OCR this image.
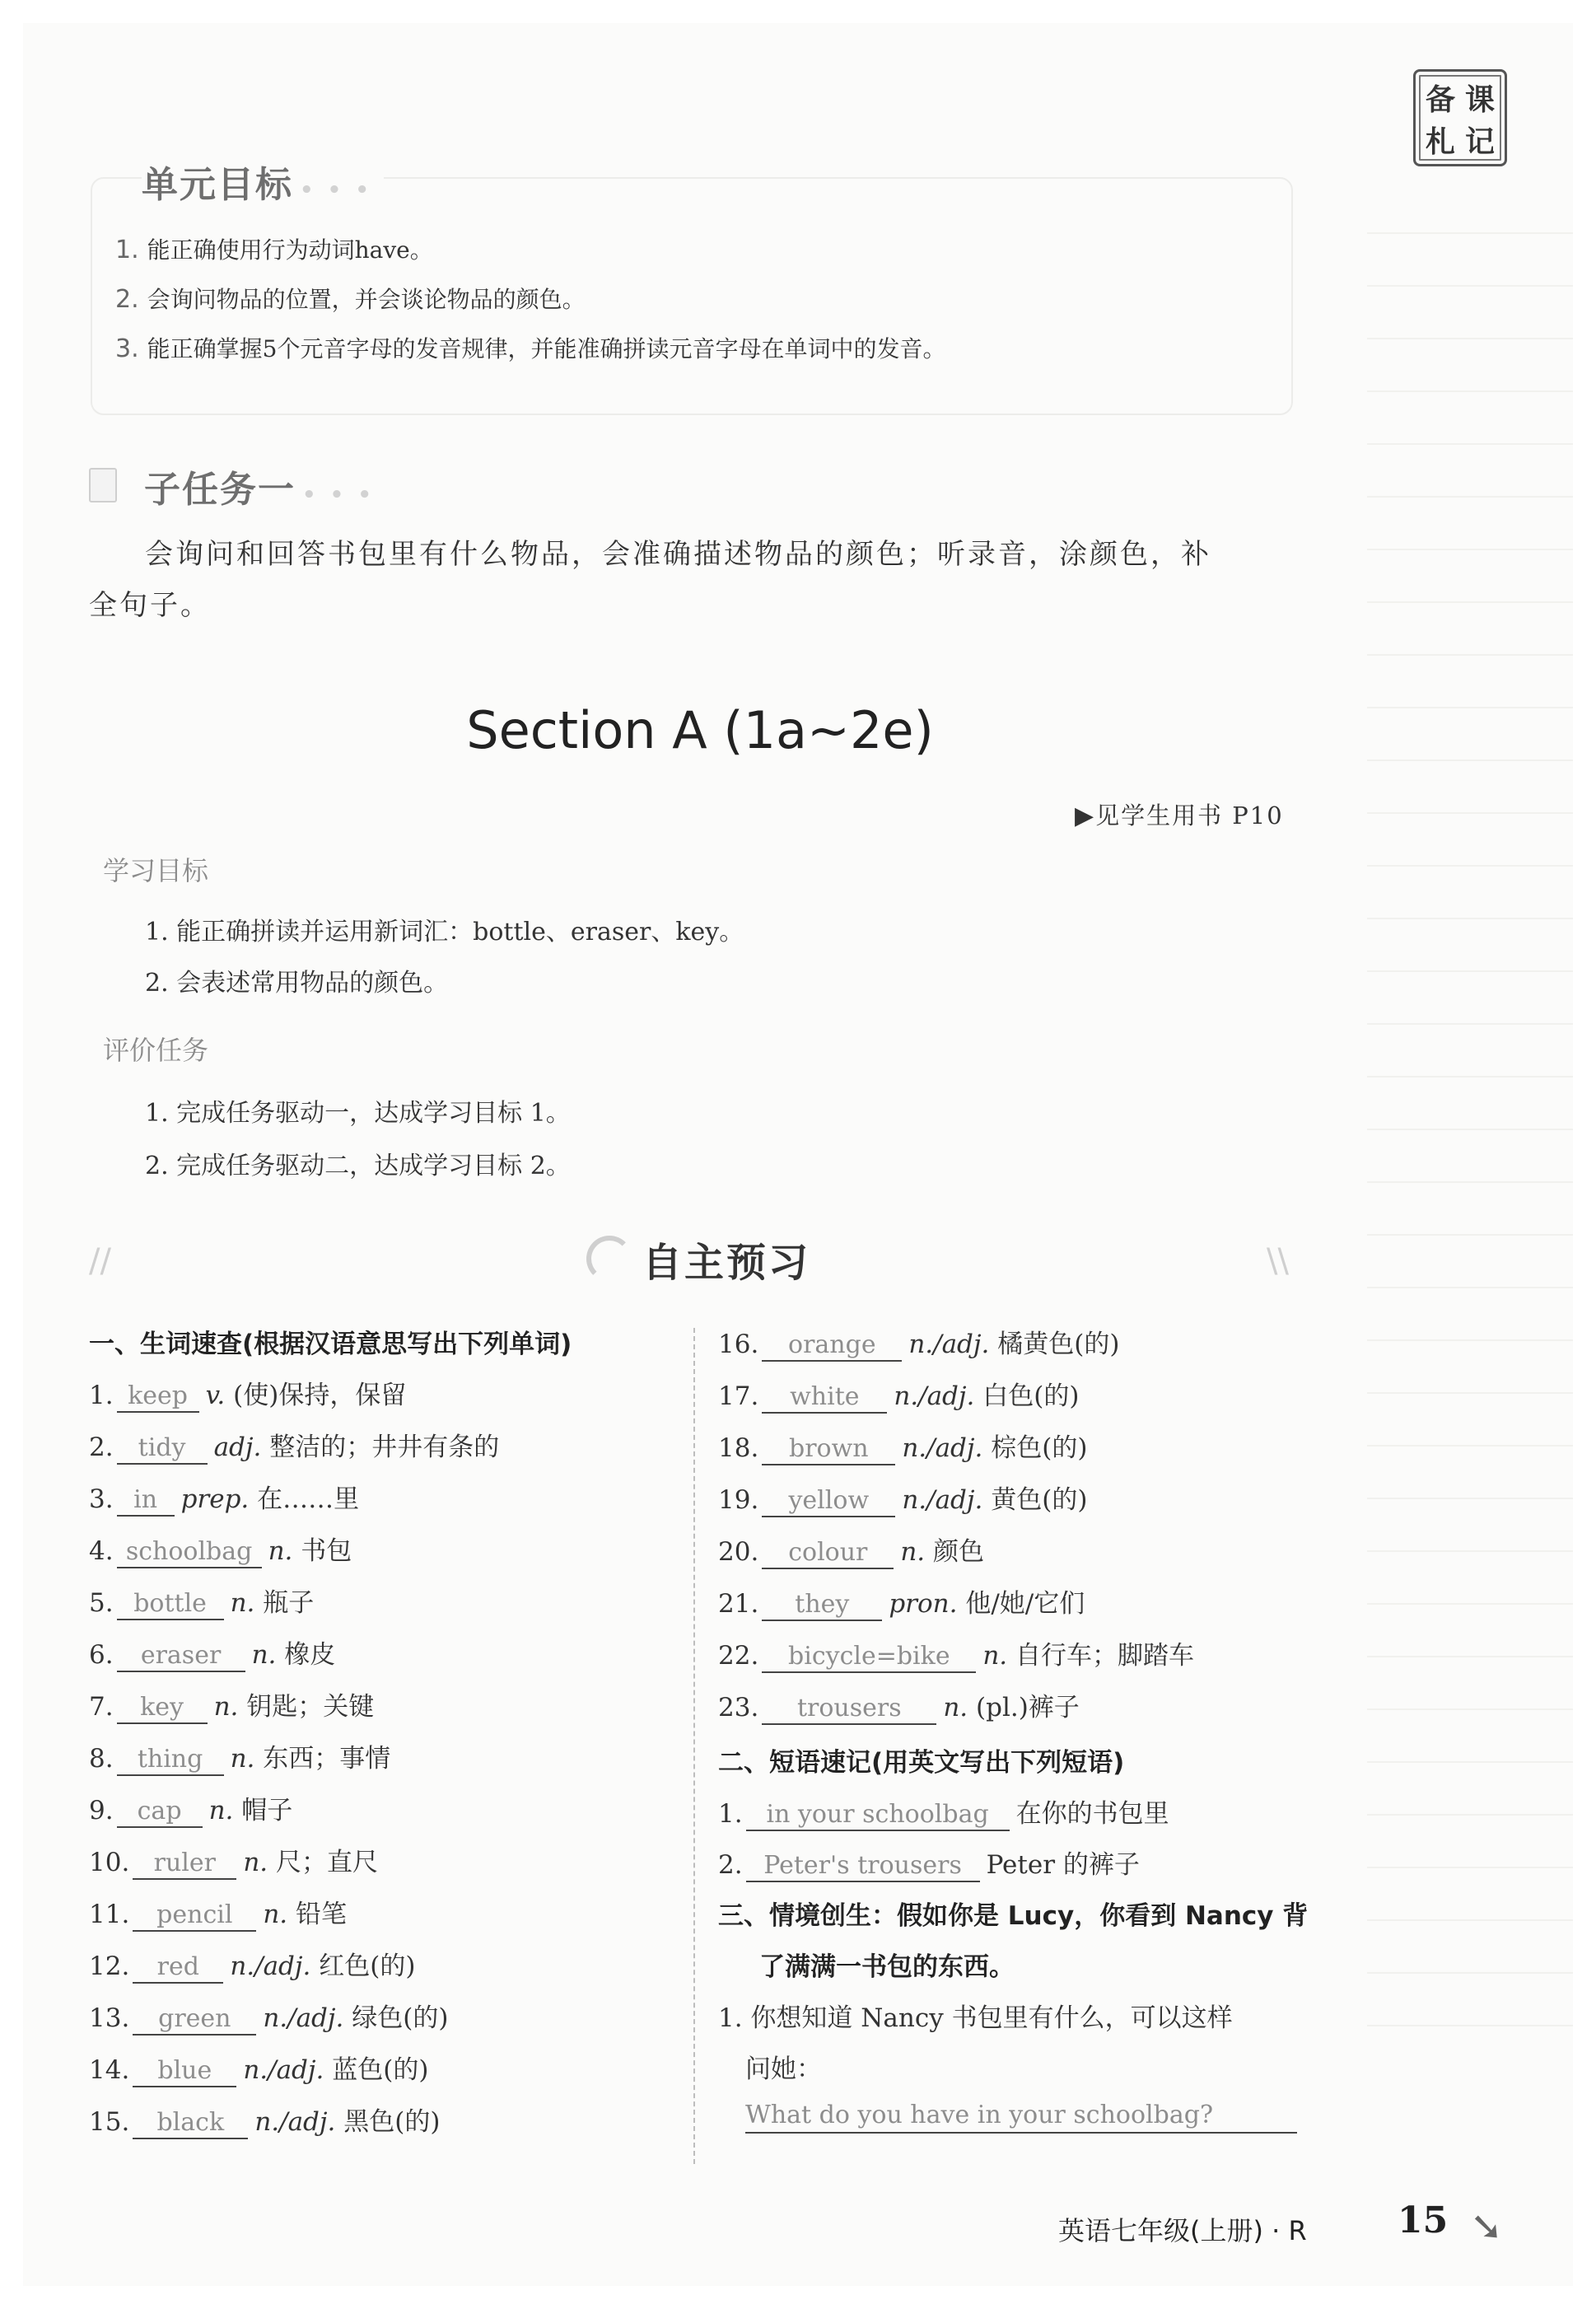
备 课
札 记
单元目标 • • •
1. 能正确使用行为动词have。
2. 会询问物品的位置，并会谈论物品的颜色。
3. 能正确掌握5个元音字母的发音规律，并能准确拼读元音字母在单词中的发音。
子任务一 • • •
会询问和回答书包里有什么物品，会准确描述物品的颜色；听录音，涂颜色，补
全句子。
Section A (1a~2e)
▶见学生用书 P10
学习目标
1. 能正确拼读并运用新词汇：bottle、eraser、key。
2. 会表述常用物品的颜色。
评价任务
1. 完成任务驱动一，达成学习目标 1。
2. 完成任务驱动二，达成学习目标 2。
//	\\
自主预习
一、生词速查(根据汉语意思写出下列单词)
1. keep v. (使)保持，保留
2. tidy adj. 整洁的；井井有条的
3. in prep. 在……里
4. schoolbag n. 书包
5. bottle n. 瓶子
6. eraser n. 橡皮
7. key n. 钥匙；关键
8. thing n. 东西；事情
9. cap n. 帽子
10. ruler n. 尺；直尺
11. pencil n. 铅笔
12. red n./adj. 红色(的)
13. green n./adj. 绿色(的)
14. blue n./adj. 蓝色(的)
15. black n./adj. 黑色(的)
16. orange n./adj. 橘黄色(的)
17. white n./adj. 白色(的)
18. brown n./adj. 棕色(的)
19. yellow n./adj. 黄色(的)
20. colour n. 颜色
21. they pron. 他/她/它们
22. bicycle=bike n. 自行车；脚踏车
23. trousers n. (pl.)裤子
二、短语速记(用英文写出下列短语)
1. in your schoolbag 在你的书包里
2. Peter's trousers Peter 的裤子
三、情境创生：假如你是 Lucy，你看到 Nancy 背
了满满一书包的东西。
1. 你想知道 Nancy 书包里有什么，可以这样
问她：
What do you have in your schoolbag?
英语七年级(上册) · R	15 ➘
